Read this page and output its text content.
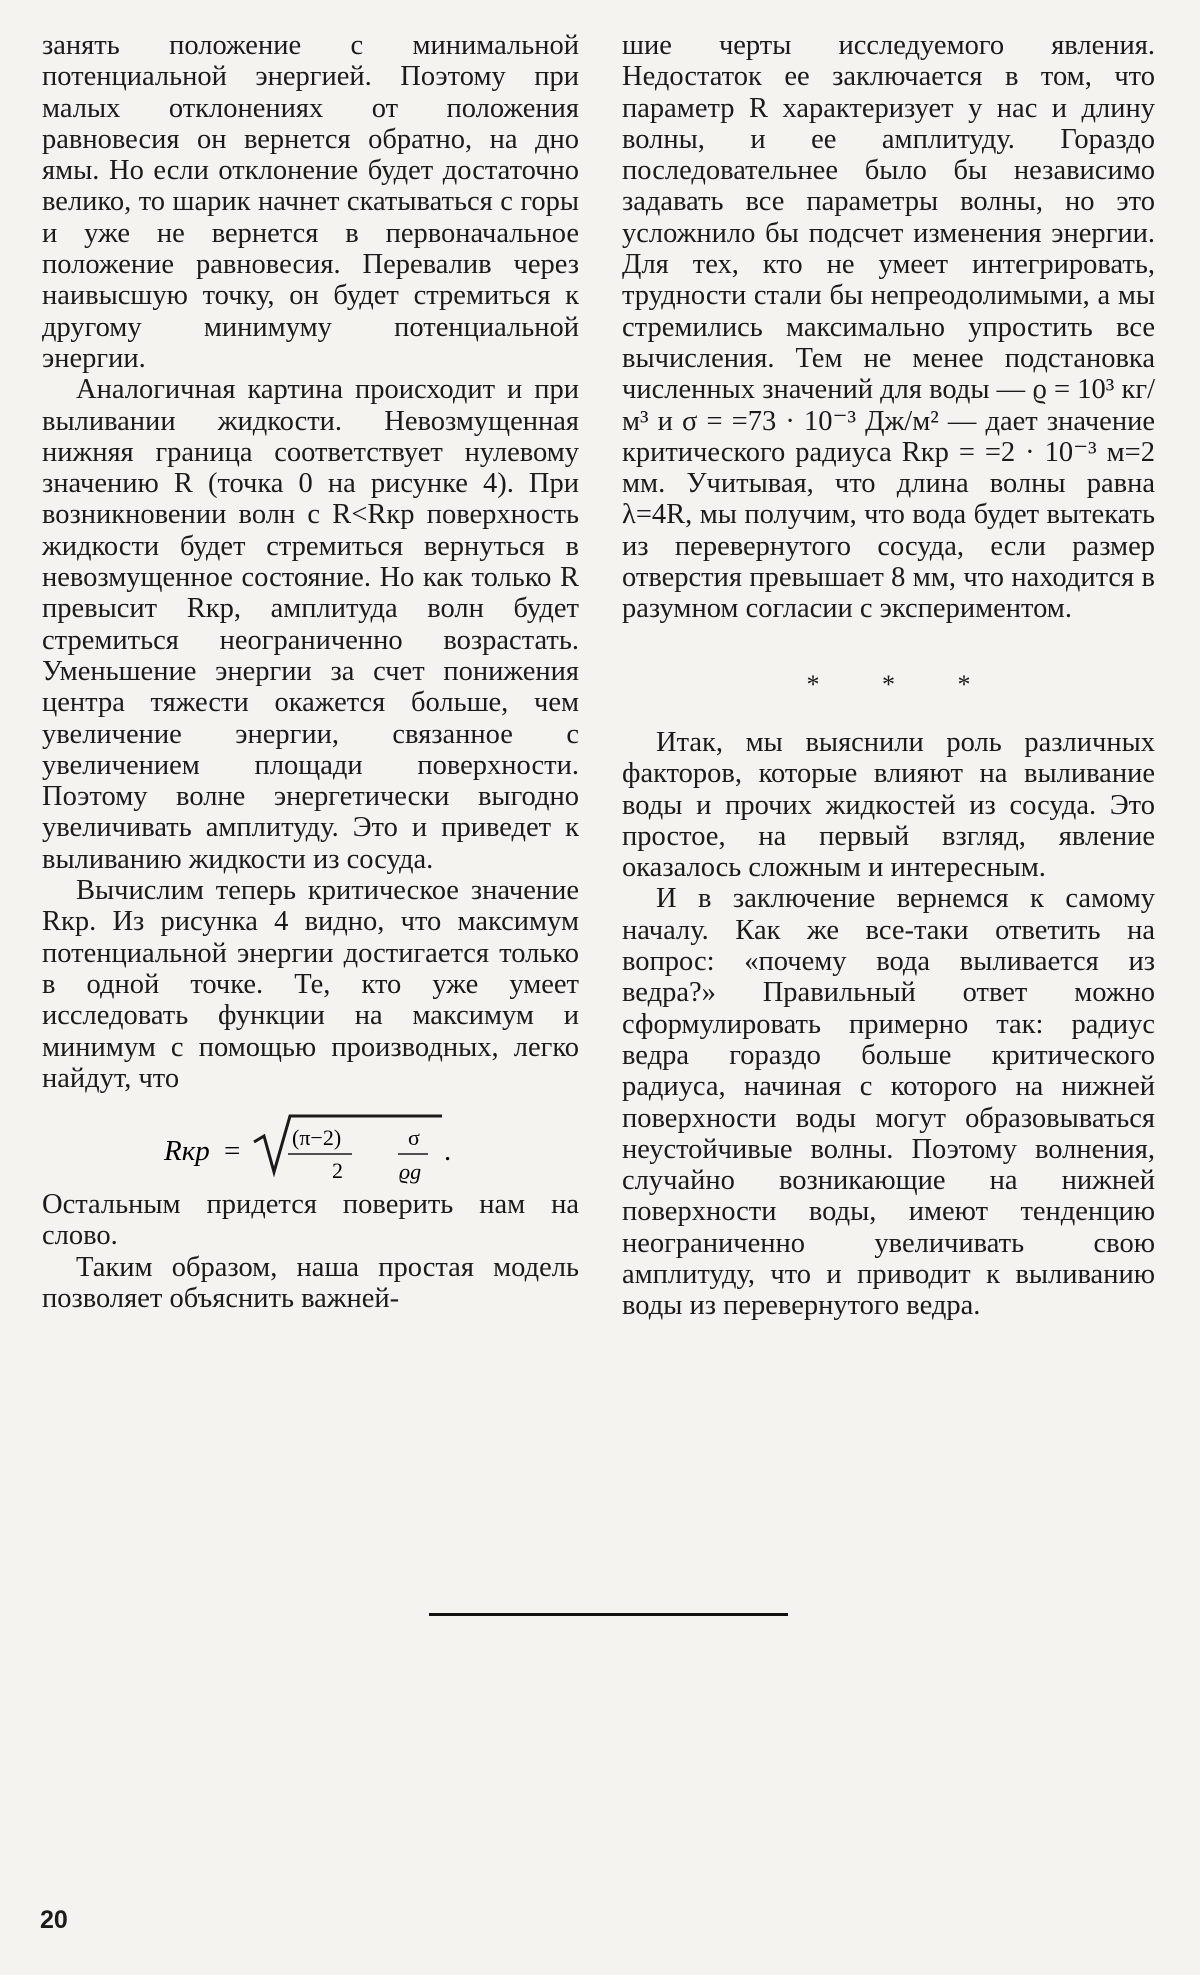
занять положение с минимальной потенциальной энергией. Поэтому при малых отклонениях от положения равновесия он вернется обратно, на дно ямы. Но если отклонение будет достаточно велико, то шарик начнет скатываться с горы и уже не вернется в первоначальное положение равновесия. Перевалив через наивысшую точку, он будет стремиться к другому минимуму потенциальной энергии.

Аналогичная картина происходит и при выливании жидкости. Невозмущенная нижняя граница соответствует нулевому значению R (точка 0 на рисунке 4). При возникновении волн с R<Rкр поверхность жидкости будет стремиться вернуться в невозмущенное состояние. Но как только R превысит Rкр, амплитуда волн будет стремиться неограниченно возрастать. Уменьшение энергии за счет понижения центра тяжести окажется больше, чем увеличение энергии, связанное с увеличением площади поверхности. Поэтому волне энергетически выгодно увеличивать амплитуду. Это и приведет к выливанию жидкости из сосуда.

Вычислим теперь критическое значение Rкр. Из рисунка 4 видно, что максимум потенциальной энергии достигается только в одной точке. Те, кто уже умеет исследовать функции на максимум и минимум с помощью производных, легко найдут, что

Rкр = (π−2)
2
σ
ϱg
.

Остальным придется поверить нам на слово.

Таким образом, наша простая модель позволяет объяснить важней-

шие черты исследуемого явления. Недостаток ее заключается в том, что параметр R характеризует у нас и длину волны, и ее амплитуду. Гораздо последовательнее было бы независимо задавать все параметры волны, но это усложнило бы подсчет изменения энергии. Для тех, кто не умеет интегрировать, трудности стали бы непреодолимыми, а мы стремились максимально упростить все вычисления. Тем не менее подстановка численных значений для воды — ϱ = 10³ кг/м³ и σ = =73 · 10⁻³ Дж/м² — дает значение критического радиуса Rкр = =2 · 10⁻³ м=2 мм. Учитывая, что длина волны равна λ=4R, мы получим, что вода будет вытекать из перевернутого сосуда, если размер отверстия превышает 8 мм, что находится в разумном согласии с экспериментом.

* * *

Итак, мы выяснили роль различных факторов, которые влияют на выливание воды и прочих жидкостей из сосуда. Это простое, на первый взгляд, явление оказалось сложным и интересным.

И в заключение вернемся к самому началу. Как же все-таки ответить на вопрос: «почему вода выливается из ведра?» Правильный ответ можно сформулировать примерно так: радиус ведра гораздо больше критического радиуса, начиная с которого на нижней поверхности воды могут образовываться неустойчивые волны. Поэтому волнения, случайно возникающие на нижней поверхности воды, имеют тенденцию неограниченно увеличивать свою амплитуду, что и приводит к выливанию воды из перевернутого ведра.

20
